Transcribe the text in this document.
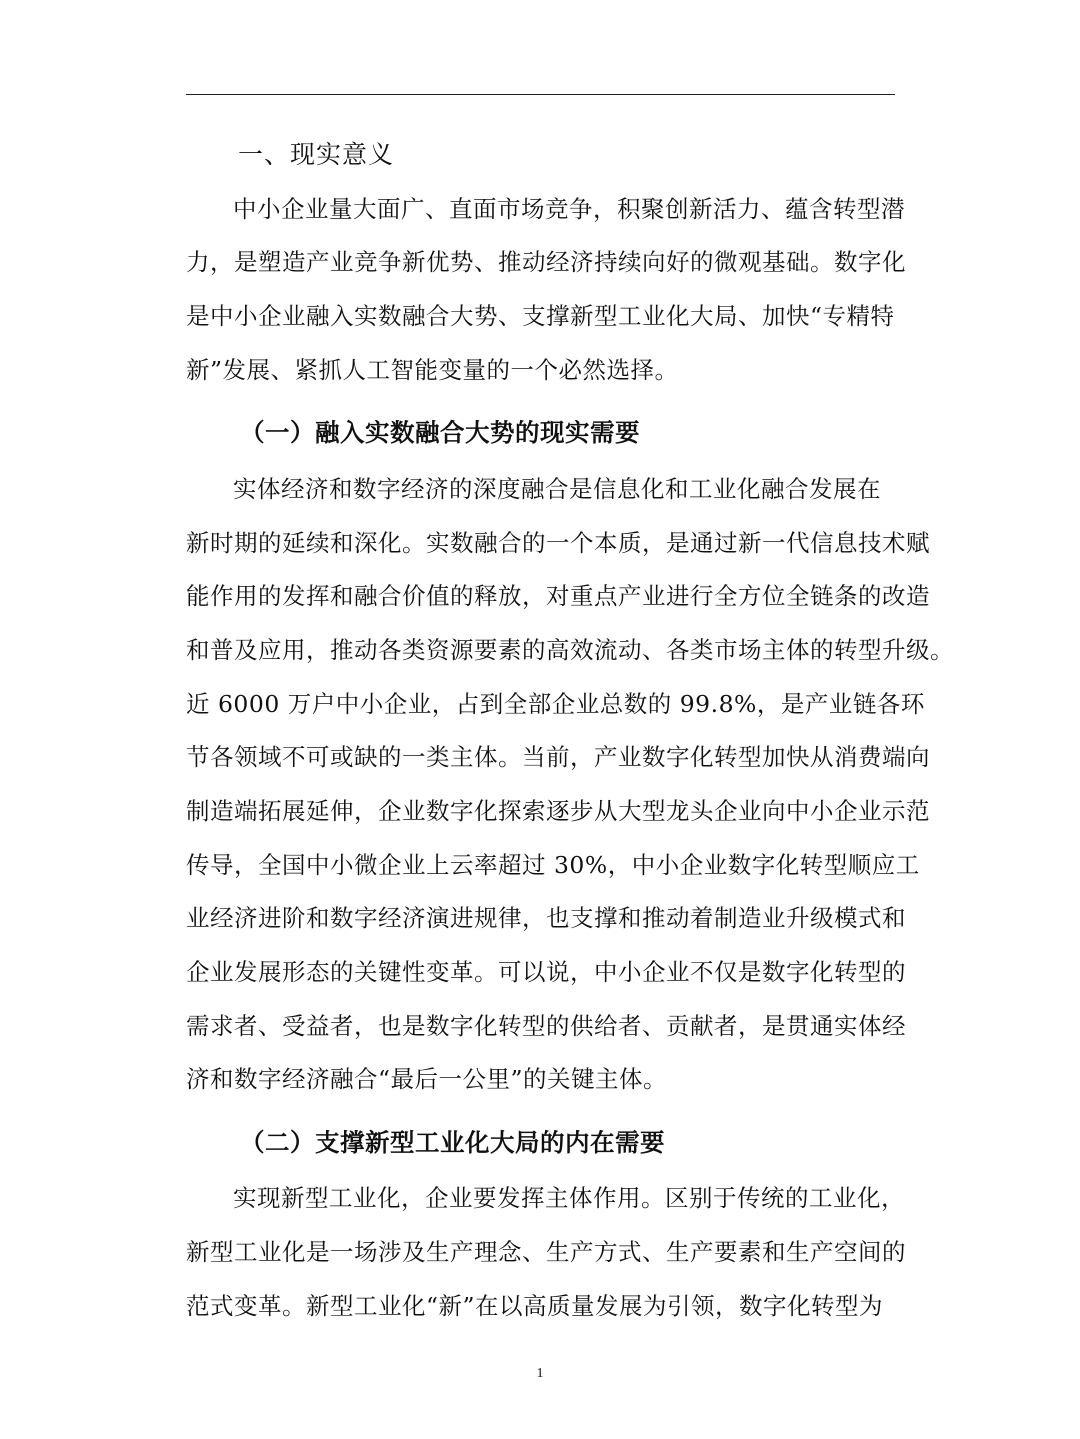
一、现实意义
中小企业量大面广、直面市场竞争，积聚创新活力、蕴含转型潜
力，是塑造产业竞争新优势、推动经济持续向好的微观基础。数字化
是中小企业融入实数融合大势、支撑新型工业化大局、加快“专精特
新”发展、紧抓人工智能变量的一个必然选择。
（一）融入实数融合大势的现实需要
实体经济和数字经济的深度融合是信息化和工业化融合发展在
新时期的延续和深化。实数融合的一个本质，是通过新一代信息技术赋
能作用的发挥和融合价值的释放，对重点产业进行全方位全链条的改造
和普及应用，推动各类资源要素的高效流动、各类市场主体的转型升级。
近 6000 万户中小企业，占到全部企业总数的 99.8%，是产业链各环
节各领域不可或缺的一类主体。当前，产业数字化转型加快从消费端向
制造端拓展延伸，企业数字化探索逐步从大型龙头企业向中小企业示范
传导，全国中小微企业上云率超过 30%，中小企业数字化转型顺应工
业经济进阶和数字经济演进规律，也支撑和推动着制造业升级模式和
企业发展形态的关键性变革。可以说，中小企业不仅是数字化转型的
需求者、受益者，也是数字化转型的供给者、贡献者，是贯通实体经
济和数字经济融合“最后一公里”的关键主体。
（二）支撑新型工业化大局的内在需要
实现新型工业化，企业要发挥主体作用。区别于传统的工业化，
新型工业化是一场涉及生产理念、生产方式、生产要素和生产空间的
范式变革。新型工业化“新”在以高质量发展为引领，数字化转型为
1
